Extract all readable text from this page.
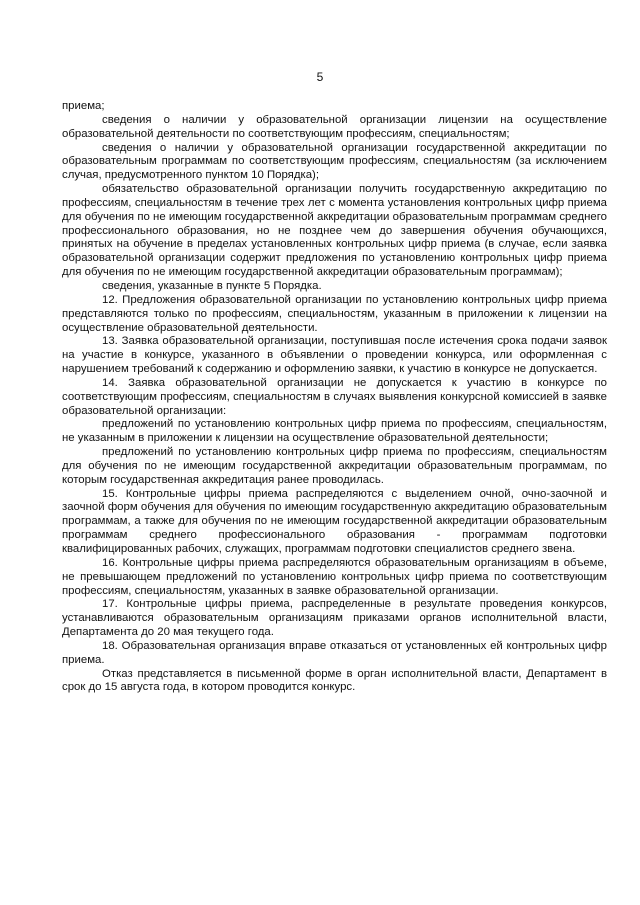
5

приема;

сведения о наличии у образовательной организации лицензии на осуществление образовательной деятельности по соответствующим профессиям, специальностям;

сведения о наличии у образовательной организации государственной аккредитации по образовательным программам по соответствующим профессиям, специальностям (за исключением случая, предусмотренного пунктом 10 Порядка);

обязательство образовательной организации получить государственную аккредитацию по профессиям, специальностям в течение трех лет с момента установления контрольных цифр приема для обучения по не имеющим государственной аккредитации образовательным программам среднего профессионального образования, но не позднее чем до завершения обучения обучающихся, принятых на обучение в пределах установленных контрольных цифр приема (в случае, если заявка образовательной организации содержит предложения по установлению контрольных цифр приема для обучения по не имеющим государственной аккредитации образовательным программам);

сведения, указанные в пункте 5 Порядка.

12. Предложения образовательной организации по установлению контрольных цифр приема представляются только по профессиям, специальностям, указанным в приложении к лицензии на осуществление образовательной деятельности.

13. Заявка образовательной организации, поступившая после истечения срока подачи заявок на участие в конкурсе, указанного в объявлении о проведении конкурса, или оформленная с нарушением требований к содержанию и оформлению заявки, к участию в конкурсе не допускается.

14. Заявка образовательной организации не допускается к участию в конкурсе по соответствующим профессиям, специальностям в случаях выявления конкурсной комиссией в заявке образовательной организации:

предложений по установлению контрольных цифр приема по профессиям, специальностям, не указанным в приложении к лицензии на осуществление образовательной деятельности;

предложений по установлению контрольных цифр приема по профессиям, специальностям для обучения по не имеющим государственной аккредитации образовательным программам, по которым государственная аккредитация ранее проводилась.

15. Контрольные цифры приема распределяются с выделением очной, очно-заочной и заочной форм обучения для обучения по имеющим государственную аккредитацию образовательным программам, а также для обучения по не имеющим государственной аккредитации образовательным программам среднего профессионального образования - программам подготовки квалифицированных рабочих, служащих, программам подготовки специалистов среднего звена.

16. Контрольные цифры приема распределяются образовательным организациям в объеме, не превышающем предложений по установлению контрольных цифр приема по соответствующим профессиям, специальностям, указанных в заявке образовательной организации.

17. Контрольные цифры приема, распределенные в результате проведения конкурсов, устанавливаются образовательным организациям приказами органов исполнительной власти, Департамента до 20 мая текущего года.

18. Образовательная организация вправе отказаться от установленных ей контрольных цифр приема.

Отказ представляется в письменной форме в орган исполнительной власти, Департамент в срок до 15 августа года, в котором проводится конкурс.
